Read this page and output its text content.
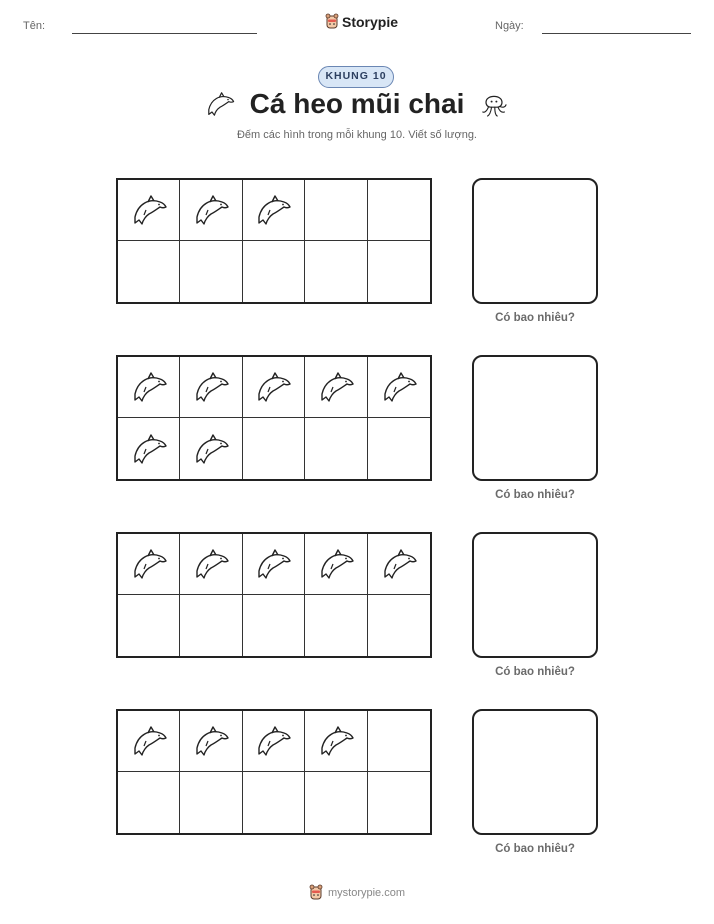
Tên:	Storypie	Ngày:
KHUNG 10
Cá heo mũi chai
Đếm các hình trong mỗi khung 10. Viết số lượng.
Có bao nhiêu?
Có bao nhiêu?
Có bao nhiêu?
Có bao nhiêu?
mystorypie.com
